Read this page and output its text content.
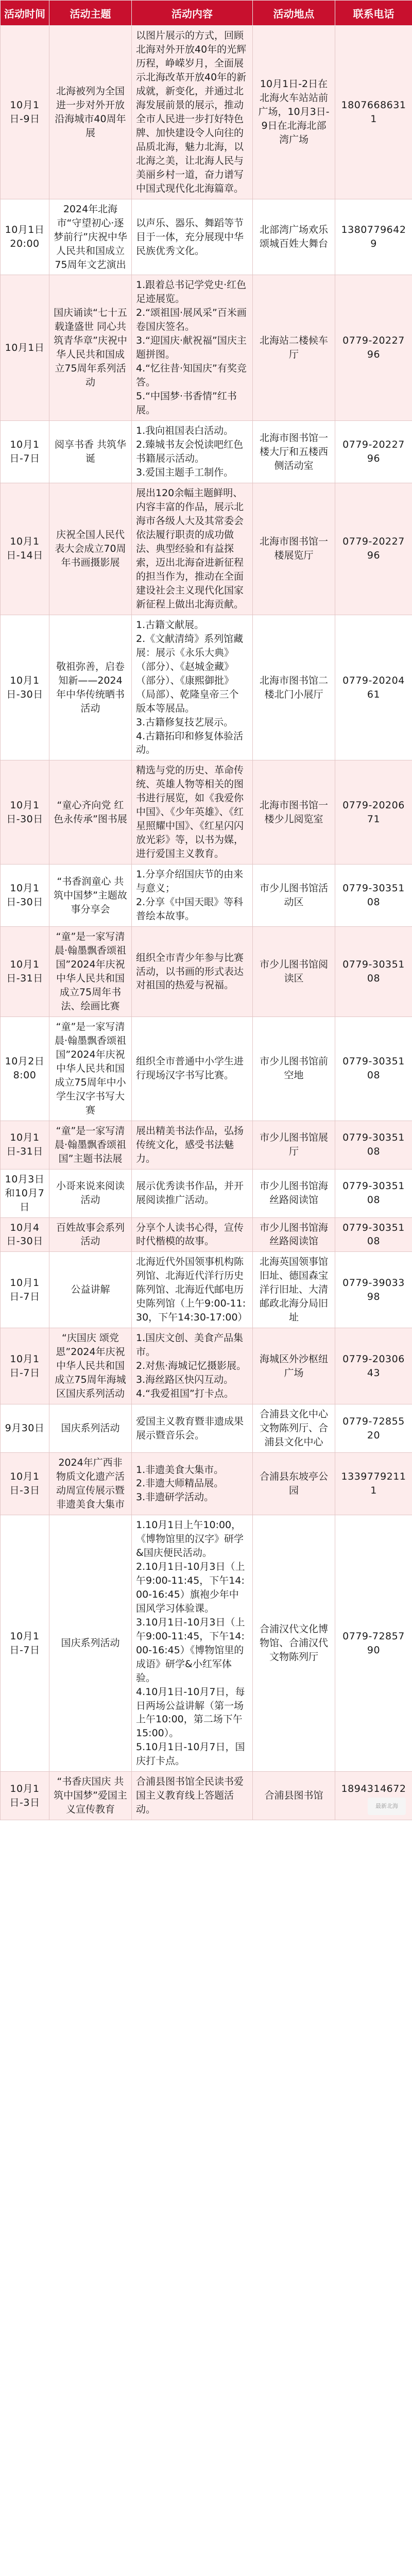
活动时间	活动主题	活动内容	活动地点	联系电话
10月1日-9日	北海被列为全国进一步对外开放沿海城市40周年展	以图片展示的方式，回顾北海对外开放40年的光辉历程，峥嵘岁月，全面展示北海改革开放40年的新成就，新变化，并通过北海发展前景的展示，推动全市人民进一步打好特色牌、加快建设令人向往的品质北海，魅力北海，以北海之美，让北海人民与美丽乡村一道，奋力谱写中国式现代化北海篇章。	10月1日-2日在北海火车站站前广场，10月3日-9日在北海北部湾广场	18076686311
10月1日20:00	2024年北海市“守望初心·逐梦前行”庆祝中华人民共和国成立75周年文艺演出	以声乐、器乐、舞蹈等节目于一体，充分展现中华民族优秀文化。	北部湾广场欢乐颂城百姓大舞台	13807796429
10月1日	国庆诵读“七十五载逢盛世 同心共筑青华章”庆祝中华人民共和国成立75周年系列活动	1.跟着总书记学党史·红色足迹展览。
2.“颂祖国·展风采”百米画卷国庆签名。
3.“迎国庆·献祝福”国庆主题拼图。
4.“忆往昔·知国庆”有奖竞答。
5.“中国梦·书香情”红书展。	北海站二楼候车厅	0779-2022796
10月1日-7日	阅享书香 共筑华诞	1.我向祖国表白活动。
2.臻城书友会悦读吧红色书籍展示活动。
3.爱国主题手工制作。	北海市图书馆一楼大厅和五楼西侧活动室	0779-2022796
10月1日-14日	庆祝全国人民代表大会成立70周年书画摄影展	展出120余幅主题鲜明、内容丰富的作品，展示北海市各级人大及其常委会依法履行职责的成功做法、典型经验和有益探索，迈出北海奋进新征程的担当作为，推动在全面建设社会主义现代化国家新征程上做出北海贡献。	北海市图书馆一楼展览厅	0779-2022796
10月1日-30日	敬祖弥善，启卷知新——2024年中华传统晒书活动	1.古籍文献展。
2.《文献清绮》系列馆藏展：展示《永乐大典》（部分）、《赵城金藏》（部分）、《康熙御批》（局部）、乾隆皇帝三个版本等展品。
3.古籍修复技艺展示。
4.古籍拓印和修复体验活动。	北海市图书馆二楼北门小展厅	0779-2020461
10月1日-30日	“童心齐向党 红色永传承”图书展	精选与党的历史、革命传统、英雄人物等相关的图书进行展览，如《我爱你中国》、《少年英雄》、《红星照耀中国》、《红星闪闪放光彩》等，以书为媒，进行爱国主义教育。	北海市图书馆一楼少儿阅览室	0779-2020671
10月1日-30日	“书香润童心 共筑中国梦”主题故事分享会	1.分享介绍国庆节的由来与意义；
2.分享《中国天眼》等科普绘本故事。	市少儿图书馆活动区	0779-3035108
10月1日-31日	“童”是一家写清晨·翰墨飘香颂祖国”2024年庆祝中华人民共和国成立75周年书法、绘画比赛	组织全市青少年参与比赛活动，以书画的形式表达对祖国的热爱与祝福。	市少儿图书馆阅读区	0779-3035108
10月2日8:00	“童”是一家写清晨·翰墨飘香颂祖国”2024年庆祝中华人民共和国成立75周年中小学生汉字书写大赛	组织全市普通中小学生进行现场汉字书写比赛。	市少儿图书馆前空地	0779-3035108
10月1日-31日	“童”是一家写清晨·翰墨飘香颂祖国”主题书法展	展出精美书法作品，弘扬传统文化，感受书法魅力。	市少儿图书馆展厅	0779-3035108
10月3日和10月7日	小哥来说来阅读活动	展示优秀读书作品，并开展阅读推广活动。	市少儿图书馆海丝路阅读馆	0779-3035108
10月4日-30日	百姓故事会系列活动	分享个人读书心得，宣传时代楷模的故事。	市少儿图书馆海丝路阅读馆	0779-3035108
10月1日-7日	公益讲解	北海近代外国领事机构陈列馆、北海近代洋行历史陈列馆、北海近代邮电历史陈列馆（上午9:00-11:30，下午14:30-17:00）	北海英国领事馆旧址、德国森宝洋行旧址、大清邮政北海分局旧址	0779-3903398
10月1日-7日	“庆国庆 颂党恩”2024年庆祝中华人民共和国成立75周年海城区国庆系列活动	1.国庆文创、美食产品集市。
2.对焦·海城记忆摄影展。
3.海丝路区快闪互动。
4.“我爱祖国”打卡点。	海城区外沙枢纽广场	0779-2030643
9月30日	国庆系列活动	爱国主义教育暨非遗成果展示暨音乐会。	合浦县文化中心文物陈列厅、合浦县文化中心	0779-7285520
10月1日-3日	2024年广西非物质文化遗产活动周宣传展示暨非遗美食大集市	1.非遗美食大集市。
2.非遗大师精品展。
3.非遗研学活动。	合浦县东坡亭公园	13397792111
10月1日-7日	国庆系列活动	1.10月1日上午10:00，《博物馆里的汉字》研学&国庆便民活动。
2.10月1日-10月3日（上午9:00-11:45，下午14:00-16:45）旗袍少年中国风学习体验课。
3.10月1日-10月3日（上午9:00-11:45，下午14:00-16:45）《博物馆里的成语》研学&小红军体验。
4.10月1日-10月7日，每日两场公益讲解（第一场上午10:00，第二场下午15:00）。
5.10月1日-10月7日，国庆打卡点。	合浦汉代文化博物馆、合浦汉代文物陈列厅	0779-7285790
10月1日-3日	“书香庆国庆 共筑中国梦”爱国主义宣传教育	合浦县图书馆全民读书爱国主义教育线上答题活动。	合浦县图书馆	1894314672
最新北海
